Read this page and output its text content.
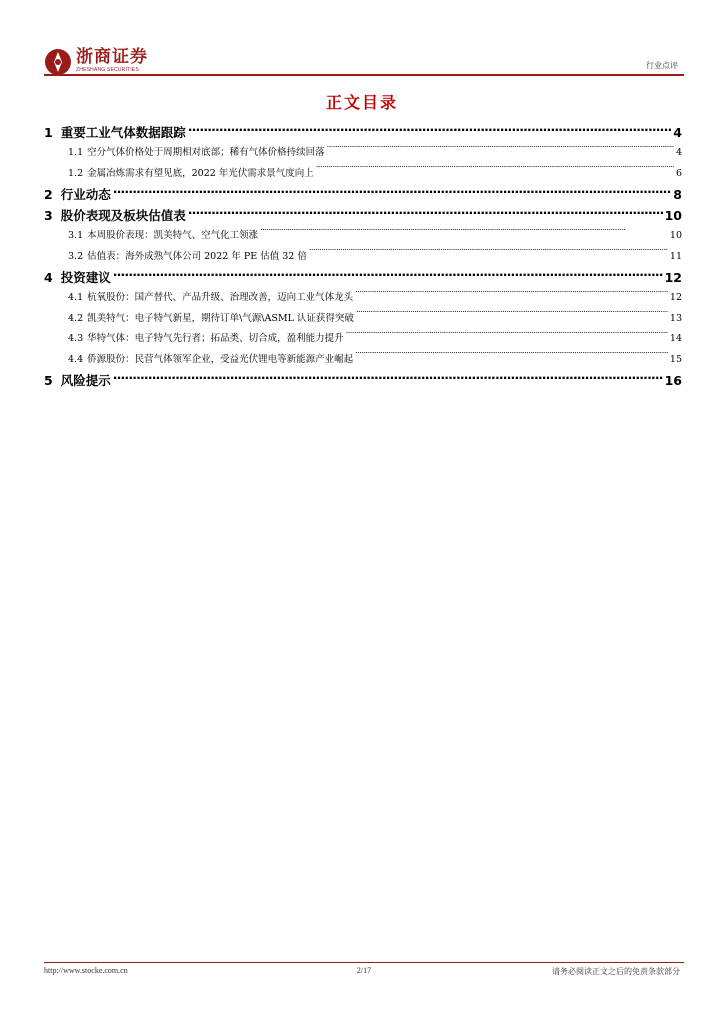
浙商证券
ZHESHANG SECURITIES	行业点评
正文目录
1 重要工业气体数据跟踪 . . .	4
1.1 空分气体价格处于周期相对底部；稀有气体价格持续回落 . . .	4
1.2 金属冶炼需求有望见底，2022 年光伏需求景气度向上 . . .	6
2 行业动态 . . .	8
3 股价表现及板块估值表 . . .	10
3.1 本周股价表现：凯美特气、空气化工领涨 . . .	10
3.2 估值表：海外成熟气体公司 2022 年 PE 估值 32 倍 . . .	11
4 投资建议 . . .	12
4.1 杭氧股份：国产替代、产品升级、治理改善，迈向工业气体龙头 . . .	12
4.2 凯美特气：电子特气新星，期待订单\气源\ASML 认证获得突破 . . .	13
4.3 华特气体：电子特气先行者；拓品类、切合成，盈利能力提升 . . .	14
4.4 侨源股份：民营气体领军企业，受益光伏锂电等新能源产业崛起 . . .	15
5 风险提示 . . .	16
http://www.stocke.com.cn	2/17	请务必阅读正文之后的免责条款部分
